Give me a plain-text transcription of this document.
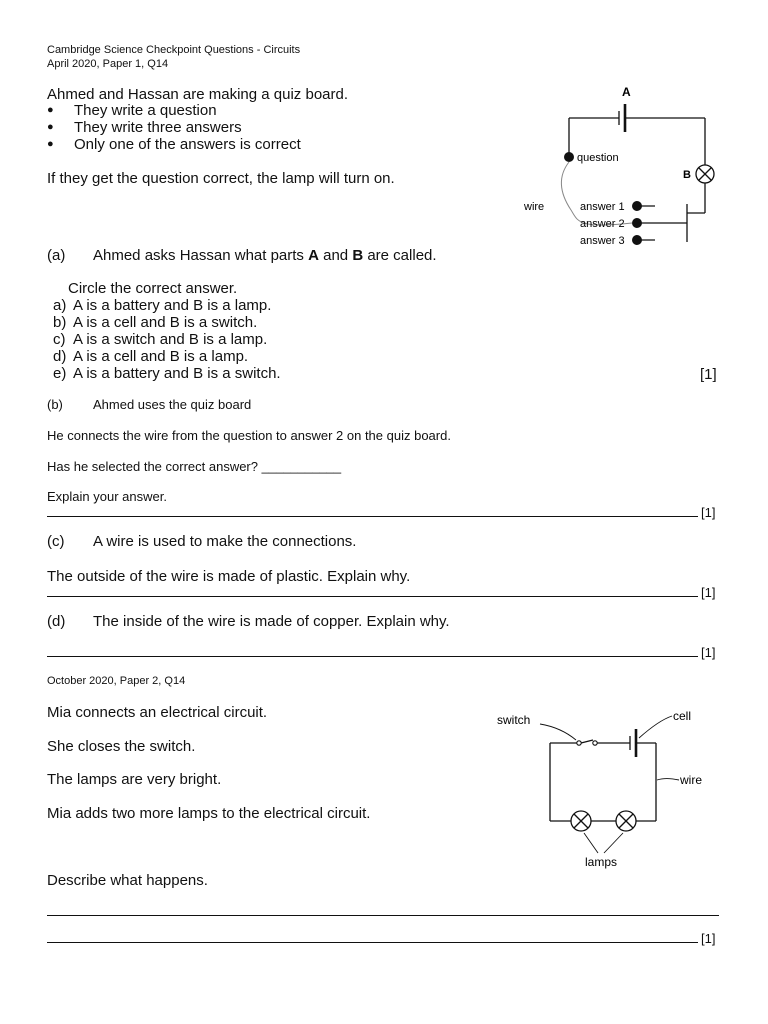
Cambridge Science Checkpoint Questions - Circuits
April 2020, Paper 1, Q14
Ahmed and Hassan are making a quiz board.
● They write a question
● They write three answers
● Only one of the answers is correct
If they get the question correct, the lamp will turn on.
A
B
question
wire	answer 1
answer 2
answer 3
(a) Ahmed asks Hassan what parts A and B are called.
Circle the correct answer.
a) A is a battery and B is a lamp.
b) A is a cell and B is a switch.
c) A is a switch and B is a lamp.
d) A is a cell and B is a lamp.
e) A is a battery and B is a switch.	[1]
(b) Ahmed uses the quiz board
He connects the wire from the question to answer 2 on the quiz board.
Has he selected the correct answer? ___________
Explain your answer.
[1]
(c) A wire is used to make the connections.
The outside of the wire is made of plastic. Explain why.
[1]
(d) The inside of the wire is made of copper. Explain why.
[1]
October 2020, Paper 2, Q14
Mia connects an electrical circuit.
She closes the switch.
The lamps are very bright.
Mia adds two more lamps to the electrical circuit.
switch	cell
wire
lamps
Describe what happens.
[1]
